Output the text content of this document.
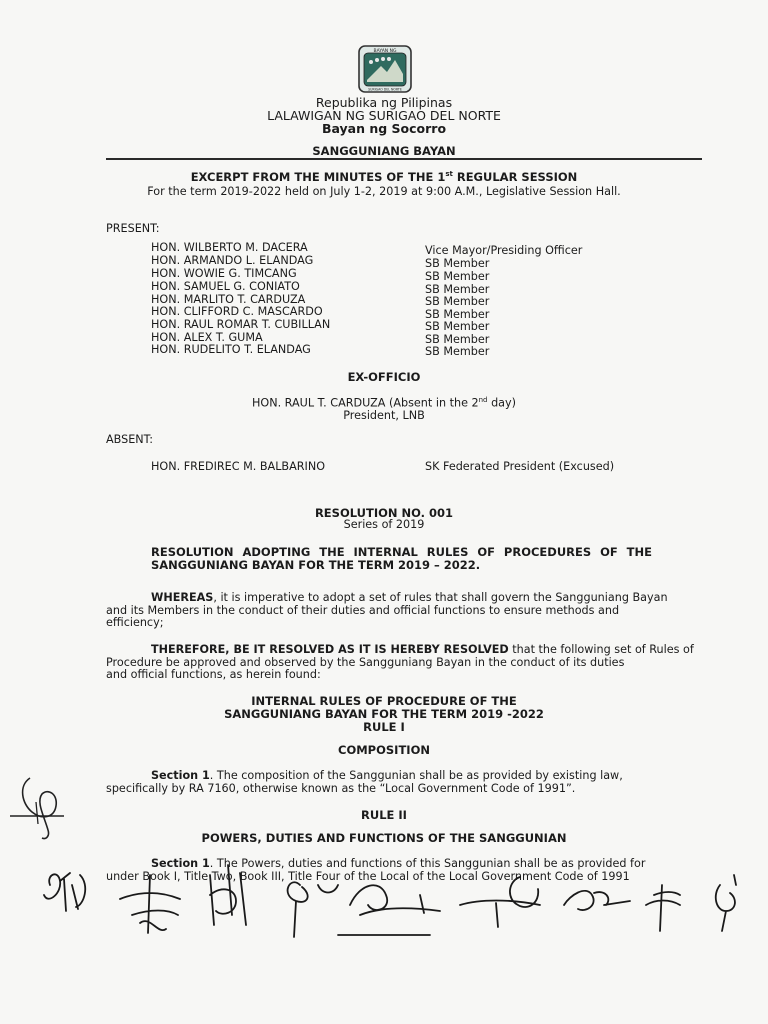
BAYAN NG
SURIGAO DEL NORTE
Republika ng Pilipinas
LALAWIGAN NG SURIGAO DEL NORTE
Bayan ng Socorro
SANGGUNIANG BAYAN
EXCERPT FROM THE MINUTES OF THE 1st REGULAR SESSION
For the term 2019-2022 held on July 1-2, 2019 at 9:00 A.M., Legislative Session Hall.
PRESENT:
HON. WILBERTO M. DACERA	Vice Mayor/Presiding Officer
HON. ARMANDO L. ELANDAG	SB Member
HON. WOWIE G. TIMCANG	SB Member
HON. SAMUEL G. CONIATO	SB Member
HON. MARLITO T. CARDUZA	SB Member
HON. CLIFFORD C. MASCARDO	SB Member
HON. RAUL ROMAR T. CUBILLAN	SB Member
HON. ALEX T. GUMA	SB Member
HON. RUDELITO T. ELANDAG	SB Member
EX-OFFICIO
HON. RAUL T. CARDUZA (Absent in the 2nd day)
President, LNB
ABSENT:
HON. FREDIREC M. BALBARINO	SK Federated President (Excused)
RESOLUTION NO. 001
Series of 2019
RESOLUTION ADOPTING THE INTERNAL RULES OF PROCEDURES OF THE
SANGGUNIANG BAYAN FOR THE TERM 2019 – 2022.
WHEREAS, it is imperative to adopt a set of rules that shall govern the Sangguniang Bayan
and its Members in the conduct of their duties and official functions to ensure methods and
efficiency;
THEREFORE, BE IT RESOLVED AS IT IS HEREBY RESOLVED that the following set of Rules of
Procedure be approved and observed by the Sangguniang Bayan in the conduct of its duties
and official functions, as herein found:
INTERNAL RULES OF PROCEDURE OF THE
SANGGUNIANG BAYAN FOR THE TERM 2019 -2022
RULE I
COMPOSITION
Section 1. The composition of the Sanggunian shall be as provided by existing law,
specifically by RA 7160, otherwise known as the “Local Government Code of 1991”.
RULE II
POWERS, DUTIES AND FUNCTIONS OF THE SANGGUNIAN
Section 1. The Powers, duties and functions of this Sanggunian shall be as provided for
under Book I, Title Two, Book III, Title Four of the Local of the Local Government Code of 1991
